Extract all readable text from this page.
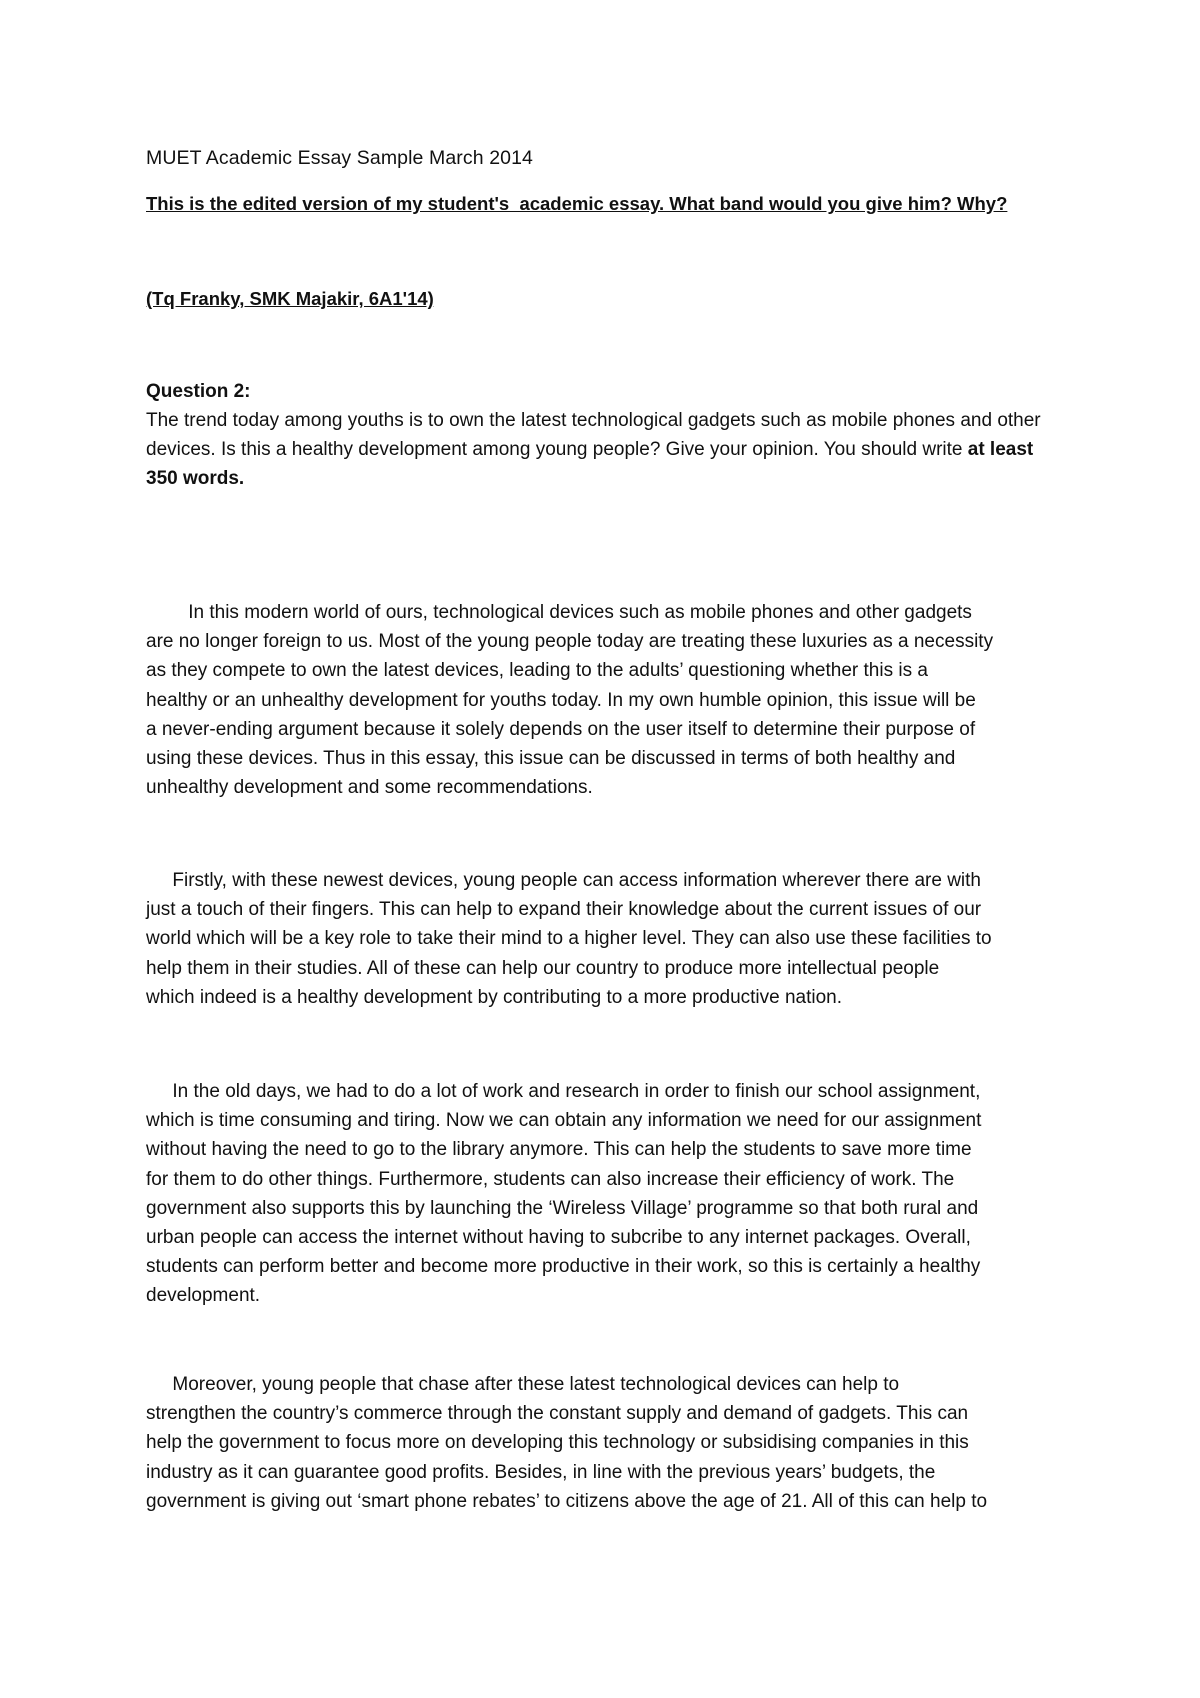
MUET Academic Essay Sample March 2014
This is the edited version of my student's  academic essay. What band would you give him? Why?
(Tq Franky, SMK Majakir, 6A1'14)
Question 2:
The trend today among youths is to own the latest technological gadgets such as mobile phones and other devices. Is this a healthy development among young people? Give your opinion. You should write at least 350 words.
In this modern world of ours, technological devices such as mobile phones and other gadgets
are no longer foreign to us. Most of the young people today are treating these luxuries as a necessity
as they compete to own the latest devices, leading to the adults’ questioning whether this is a
healthy or an unhealthy development for youths today. In my own humble opinion, this issue will be
a never-ending argument because it solely depends on the user itself to determine their purpose of
using these devices. Thus in this essay, this issue can be discussed in terms of both healthy and
unhealthy development and some recommendations.
Firstly, with these newest devices, young people can access information wherever there are with
just a touch of their fingers. This can help to expand their knowledge about the current issues of our
world which will be a key role to take their mind to a higher level. They can also use these facilities to
help them in their studies. All of these can help our country to produce more intellectual people
which indeed is a healthy development by contributing to a more productive nation.
In the old days, we had to do a lot of work and research in order to finish our school assignment,
which is time consuming and tiring. Now we can obtain any information we need for our assignment
without having the need to go to the library anymore. This can help the students to save more time
for them to do other things. Furthermore, students can also increase their efficiency of work. The
government also supports this by launching the ‘Wireless Village’ programme so that both rural and
urban people can access the internet without having to subcribe to any internet packages. Overall,
students can perform better and become more productive in their work, so this is certainly a healthy
development.
Moreover, young people that chase after these latest technological devices can help to
strengthen the country’s commerce through the constant supply and demand of gadgets. This can
help the government to focus more on developing this technology or subsidising companies in this
industry as it can guarantee good profits. Besides, in line with the previous years’ budgets, the
government is giving out ‘smart phone rebates’ to citizens above the age of 21. All of this can help to
